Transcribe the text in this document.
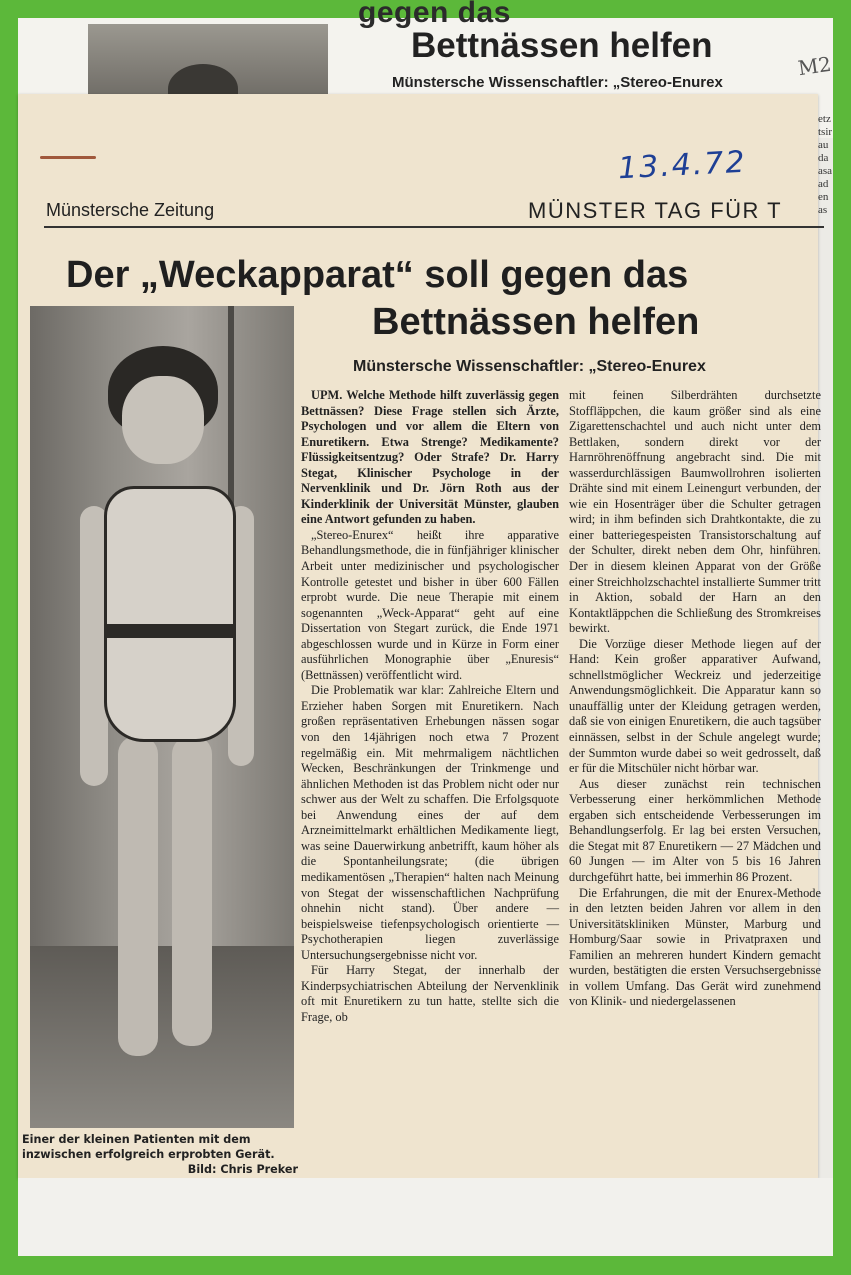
gegen das
Bettnässen helfen
Münstersche Wissenschaftler: „Stereo-Enurex
M2
etztsiraudaasaadenas
13.4.72
Münstersche Zeitung	MÜNSTER TAG FÜR T
Der „Weckapparat“ soll gegen das
Bettnässen helfen
Münstersche Wissenschaftler: „Stereo-Enurex
Einer der kleinen Patienten mit dem inzwischen erfolgreich erprobten Gerät.
Bild: Chris Preker

UPM. Welche Methode hilft zuverlässig gegen Bettnässen? Diese Frage stellen sich Ärzte, Psychologen und vor allem die Eltern von Enuretikern. Etwa Strenge? Medikamente? Flüssigkeitsentzug? Oder Strafe? Dr. Harry Stegat, Klinischer Psychologe in der Nervenklinik und Dr. Jörn Roth aus der Kinderklinik der Universität Münster, glauben eine Antwort gefunden zu haben.

„Stereo-Enurex“ heißt ihre apparative Behandlungsmethode, die in fünfjähriger klinischer Arbeit unter medizinischer und psychologischer Kontrolle getestet und bisher in über 600 Fällen erprobt wurde. Die neue Therapie mit einem sogenannten „Weck-Apparat“ geht auf eine Dissertation von Stegart zurück, die Ende 1971 abgeschlossen wurde und in Kürze in Form einer ausführlichen Monographie über „Enuresis“ (Bettnässen) veröffentlicht wird.

Die Problematik war klar: Zahlreiche Eltern und Erzieher haben Sorgen mit Enuretikern. Nach großen repräsentativen Erhebungen nässen sogar von den 14jährigen noch etwa 7 Prozent regelmäßig ein. Mit mehrmaligem nächtlichen Wecken, Beschränkungen der Trinkmenge und ähnlichen Methoden ist das Problem nicht oder nur schwer aus der Welt zu schaffen. Die Erfolgsquote bei Anwendung eines der auf dem Arzneimittelmarkt erhältlichen Medikamente liegt, was seine Dauerwirkung anbetrifft, kaum höher als die Spontanheilungsrate; (die übrigen medikamentösen „Therapien“ halten nach Meinung von Stegat der wissenschaftlichen Nachprüfung ohnehin nicht stand). Über andere — beispielsweise tiefenpsychologisch orientierte — Psychotherapien liegen zuverlässige Untersuchungsergebnisse nicht vor.

Für Harry Stegat, der innerhalb der Kinderpsychiatrischen Abteilung der Nervenklinik oft mit Enuretikern zu tun hatte, stellte sich die Frage, ob

mit feinen Silberdrähten durchsetzte Stofflä̈ppchen, die kaum größer sind als eine Zigarettenschachtel und auch nicht unter dem Bettlaken, sondern direkt vor der Harnröhrenöffnung angebracht sind. Die mit wasserdurchlässigen Baumwollrohren isolierten Drähte sind mit einem Leinengurt verbunden, der wie ein Hosenträger über die Schulter getragen wird; in ihm befinden sich Drahtkontakte, die zu einer batteriegespeisten Transistorschaltung auf der Schulter, direkt neben dem Ohr, hinführen. Der in diesem kleinen Apparat von der Größe einer Streichholzschachtel installierte Summer tritt in Aktion, sobald der Harn an den Kontaktläppchen die Schließung des Stromkreises bewirkt.

Die Vorzüge dieser Methode liegen auf der Hand: Kein großer apparativer Aufwand, schnellstmöglicher Weckreiz und jederzeitige Anwendungsmöglichkeit. Die Apparatur kann so unauffällig unter der Kleidung getragen werden, daß sie von einigen Enuretikern, die auch tagsüber einnässen, selbst in der Schule angelegt wurde; der Summton wurde dabei so weit gedrosselt, daß er für die Mitschüler nicht hörbar war.

Aus dieser zunächst rein technischen Verbesserung einer herkömmlichen Methode ergaben sich entscheidende Verbesserungen im Behandlungserfolg. Er lag bei ersten Versuchen, die Stegat mit 87 Enuretikern — 27 Mädchen und 60 Jungen — im Alter von 5 bis 16 Jahren durchgeführt hatte, bei immerhin 86 Prozent.

Die Erfahrungen, die mit der Enurex-Methode in den letzten beiden Jahren vor allem in den Universitätskliniken Münster, Marburg und Homburg/Saar sowie in Privatpraxen und Familien an mehreren hundert Kindern gemacht wurden, bestätigten die ersten Versuchsergebnisse in vollem Umfang. Das Gerät wird zunehmend von Klinik- und niedergelassenen
